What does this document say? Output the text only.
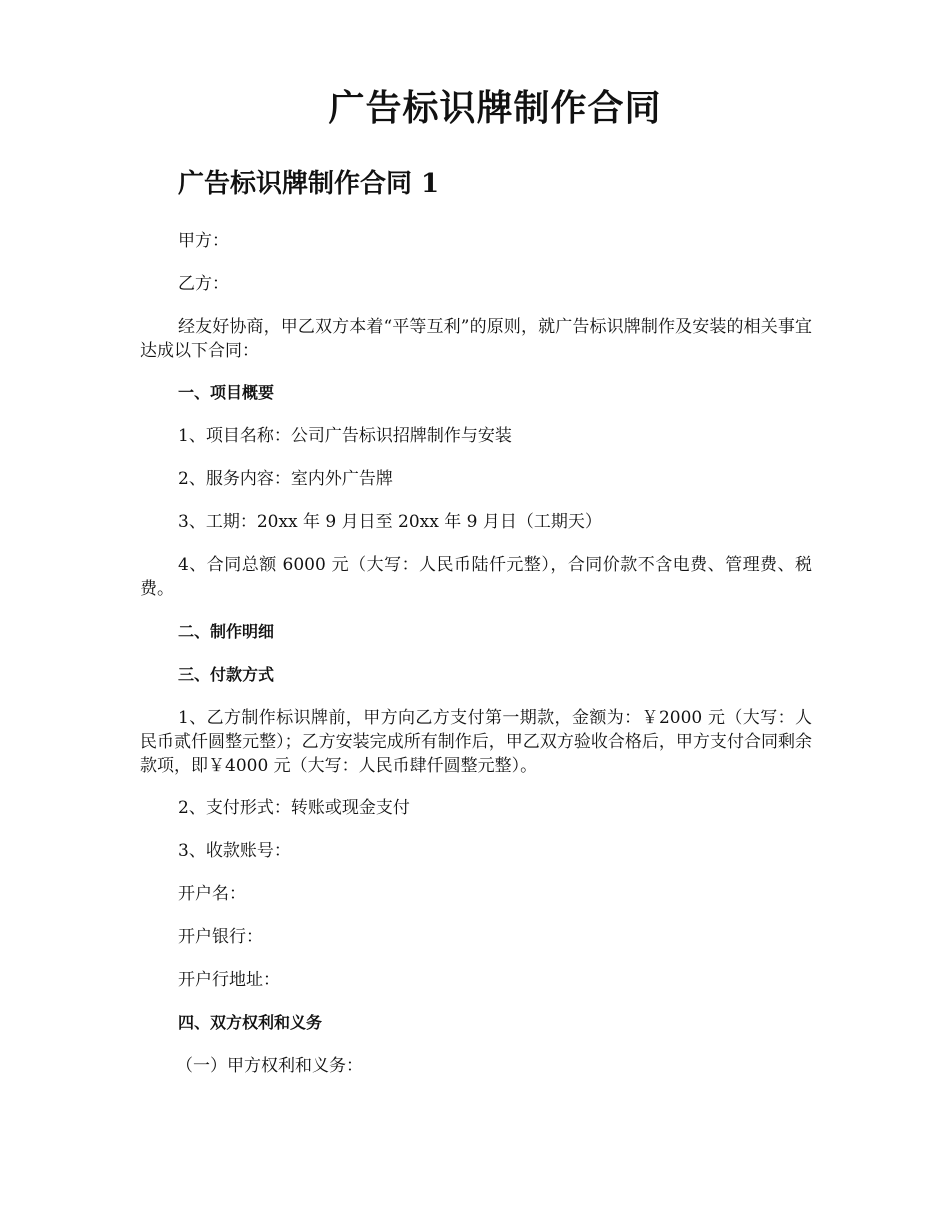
广告标识牌制作合同
广告标识牌制作合同 1

甲方：

乙方：

经友好协商，甲乙双方本着“平等互利”的原则，就广告标识牌制作及安装的相关事宜达成以下合同：

一、项目概要

1、项目名称：公司广告标识招牌制作与安装

2、服务内容：室内外广告牌

3、工期：20xx 年 9 月日至 20xx 年 9 月日（工期天）

4、合同总额 6000 元（大写：人民币陆仟元整），合同价款不含电费、管理费、税费。

二、制作明细

三、付款方式

1、乙方制作标识牌前，甲方向乙方支付第一期款，金额为：￥2000 元（大写：人民币贰仟圆整元整）；乙方安装完成所有制作后，甲乙双方验收合格后，甲方支付合同剩余款项，即￥4000 元（大写：人民币肆仟圆整元整）。

2、支付形式：转账或现金支付

3、收款账号：

开户名：

开户银行：

开户行地址：

四、双方权利和义务

（一）甲方权利和义务：
